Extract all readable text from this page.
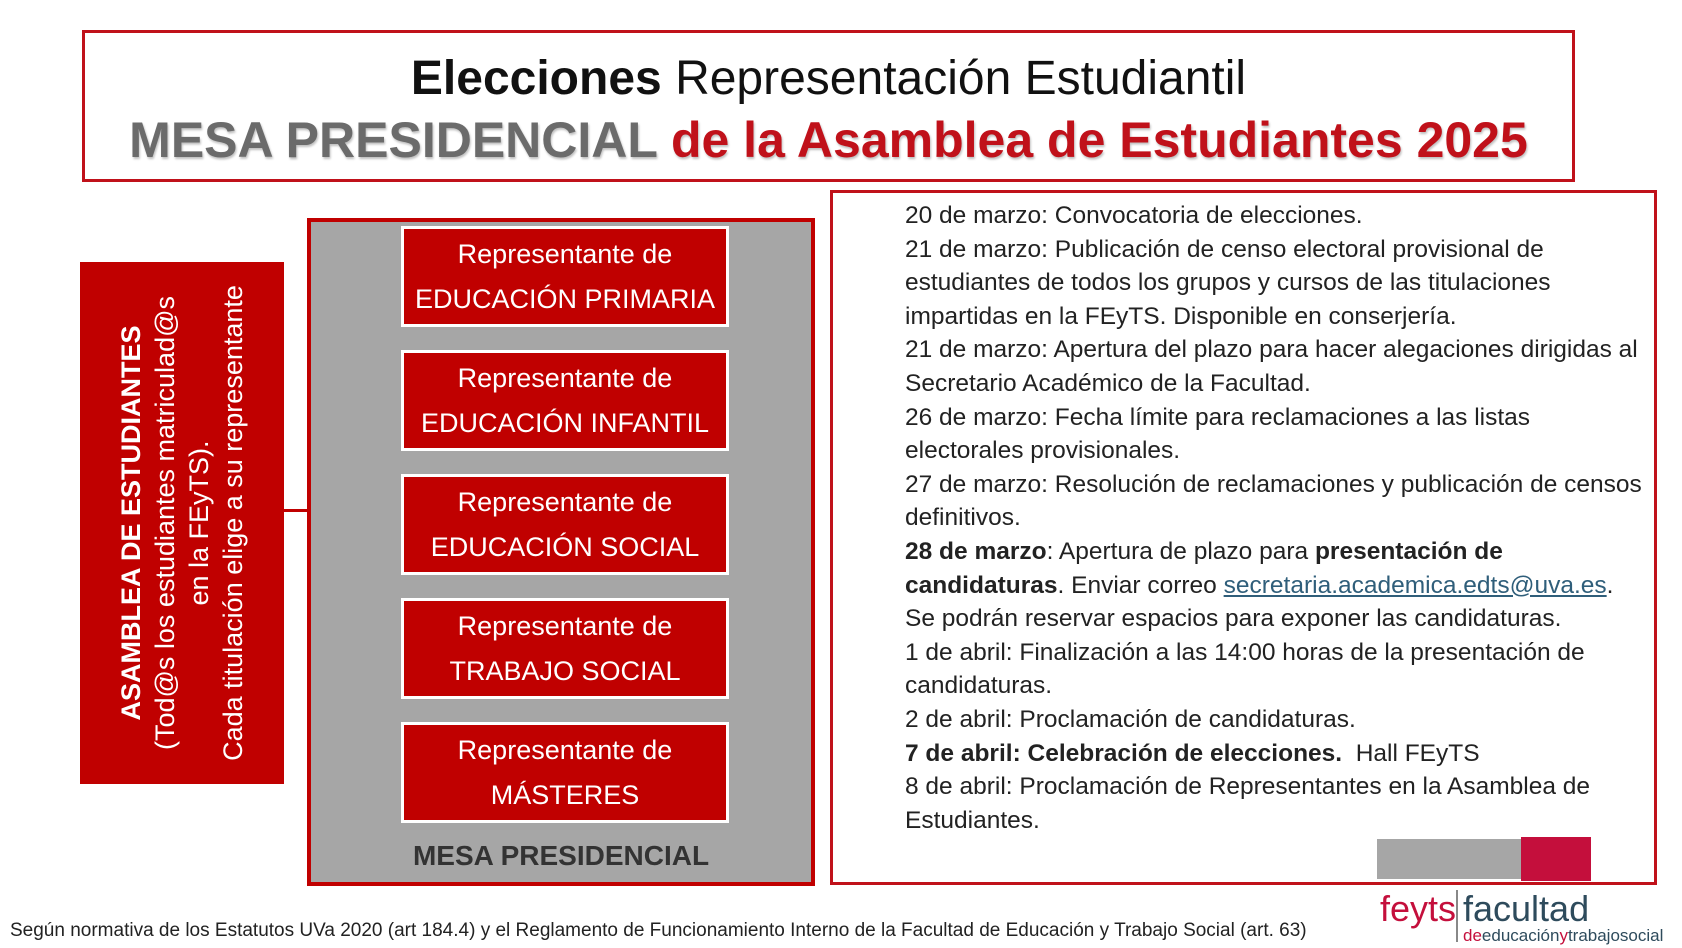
Elecciones Representación Estudiantil
MESA PRESIDENCIAL de la Asamblea de Estudiantes 2025
ASAMBLEA DE ESTUDIANTES (Tod@s los estudiantes matriculad@s en la FEyTS). Cada titulación elige a su representante
Representante de
EDUCACIÓN PRIMARIA
Representante de
EDUCACIÓN INFANTIL
Representante de
EDUCACIÓN SOCIAL
Representante de
TRABAJO SOCIAL
Representante de
MÁSTERES
MESA PRESIDENCIAL
20 de marzo: Convocatoria de elecciones.
21 de marzo: Publicación de censo electoral provisional de estudiantes de todos los grupos y cursos de las titulaciones impartidas en la FEyTS. Disponible en conserjería.
21 de marzo: Apertura del plazo para hacer alegaciones dirigidas al Secretario Académico de la Facultad.
26 de marzo: Fecha límite para reclamaciones a las listas electorales provisionales.
27 de marzo: Resolución de reclamaciones y publicación de censos definitivos.
28 de marzo: Apertura de plazo para presentación de candidaturas. Enviar correo secretaria.academica.edts@uva.es. Se podrán reservar espacios para exponer las candidaturas.
1 de abril: Finalización a las 14:00 horas de la presentación de candidaturas.
2 de abril: Proclamación de candidaturas.
7 de abril: Celebración de elecciones.  Hall FEyTS
8 de abril: Proclamación de Representantes en la Asamblea de Estudiantes.
feyts facultad
deeducaciónytrabajosocial
Según normativa de los Estatutos UVa 2020 (art 184.4) y el Reglamento de Funcionamiento Interno de la Facultad de Educación y Trabajo Social (art. 63)
